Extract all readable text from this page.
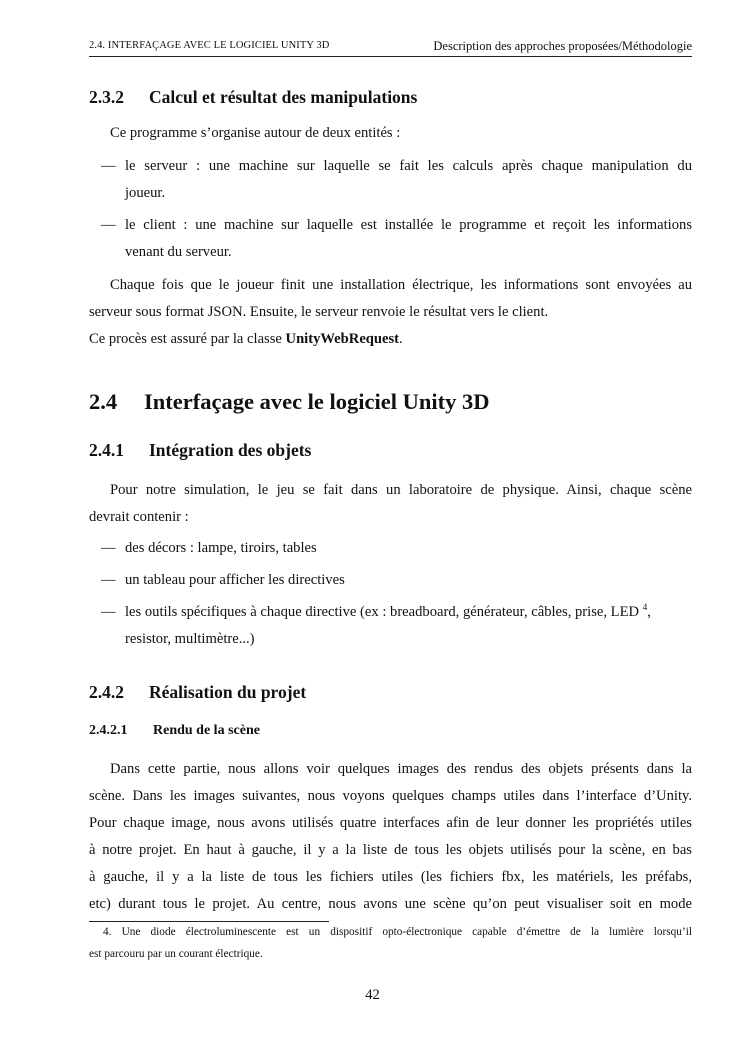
2.4. INTERFAÇAGE AVEC LE LOGICIEL UNITY 3D	Description des approches proposées/Méthodologie
2.3.2 Calcul et résultat des manipulations
Ce programme s’organise autour de deux entités :
— le serveur : une machine sur laquelle se fait les calculs après chaque manipulation du
joueur.
— le client : une machine sur laquelle est installée le programme et reçoit les informations
venant du serveur.
Chaque fois que le joueur finit une installation électrique, les informations sont envoyées au
serveur sous format JSON. Ensuite, le serveur renvoie le résultat vers le client.
Ce procès est assuré par la classe UnityWebRequest.
2.4 Interfaçage avec le logiciel Unity 3D
2.4.1 Intégration des objets
Pour notre simulation, le jeu se fait dans un laboratoire de physique. Ainsi, chaque scène
devrait contenir :
— des décors : lampe, tiroirs, tables
— un tableau pour afficher les directives
— les outils spécifiques à chaque directive (ex : breadboard, générateur, câbles, prise, LED $^4$,
resistor, multimètre...)
2.4.2 Réalisation du projet
2.4.2.1 Rendu de la scène
Dans cette partie, nous allons voir quelques images des rendus des objets présents dans la
scène. Dans les images suivantes, nous voyons quelques champs utiles dans l’interface d’Unity.
Pour chaque image, nous avons utilisés quatre interfaces afin de leur donner les propriétés utiles
à notre projet. En haut à gauche, il y a la liste de tous les objets utilisés pour la scène, en bas
à gauche, il y a la liste de tous les fichiers utiles (les fichiers fbx, les matériels, les préfabs,
etc) durant tous le projet. Au centre, nous avons une scène qu’on peut visualiser soit en mode
4. Une diode électroluminescente est un dispositif opto-électronique capable d’émettre de la lumière lorsqu’il
est parcouru par un courant électrique.
42
